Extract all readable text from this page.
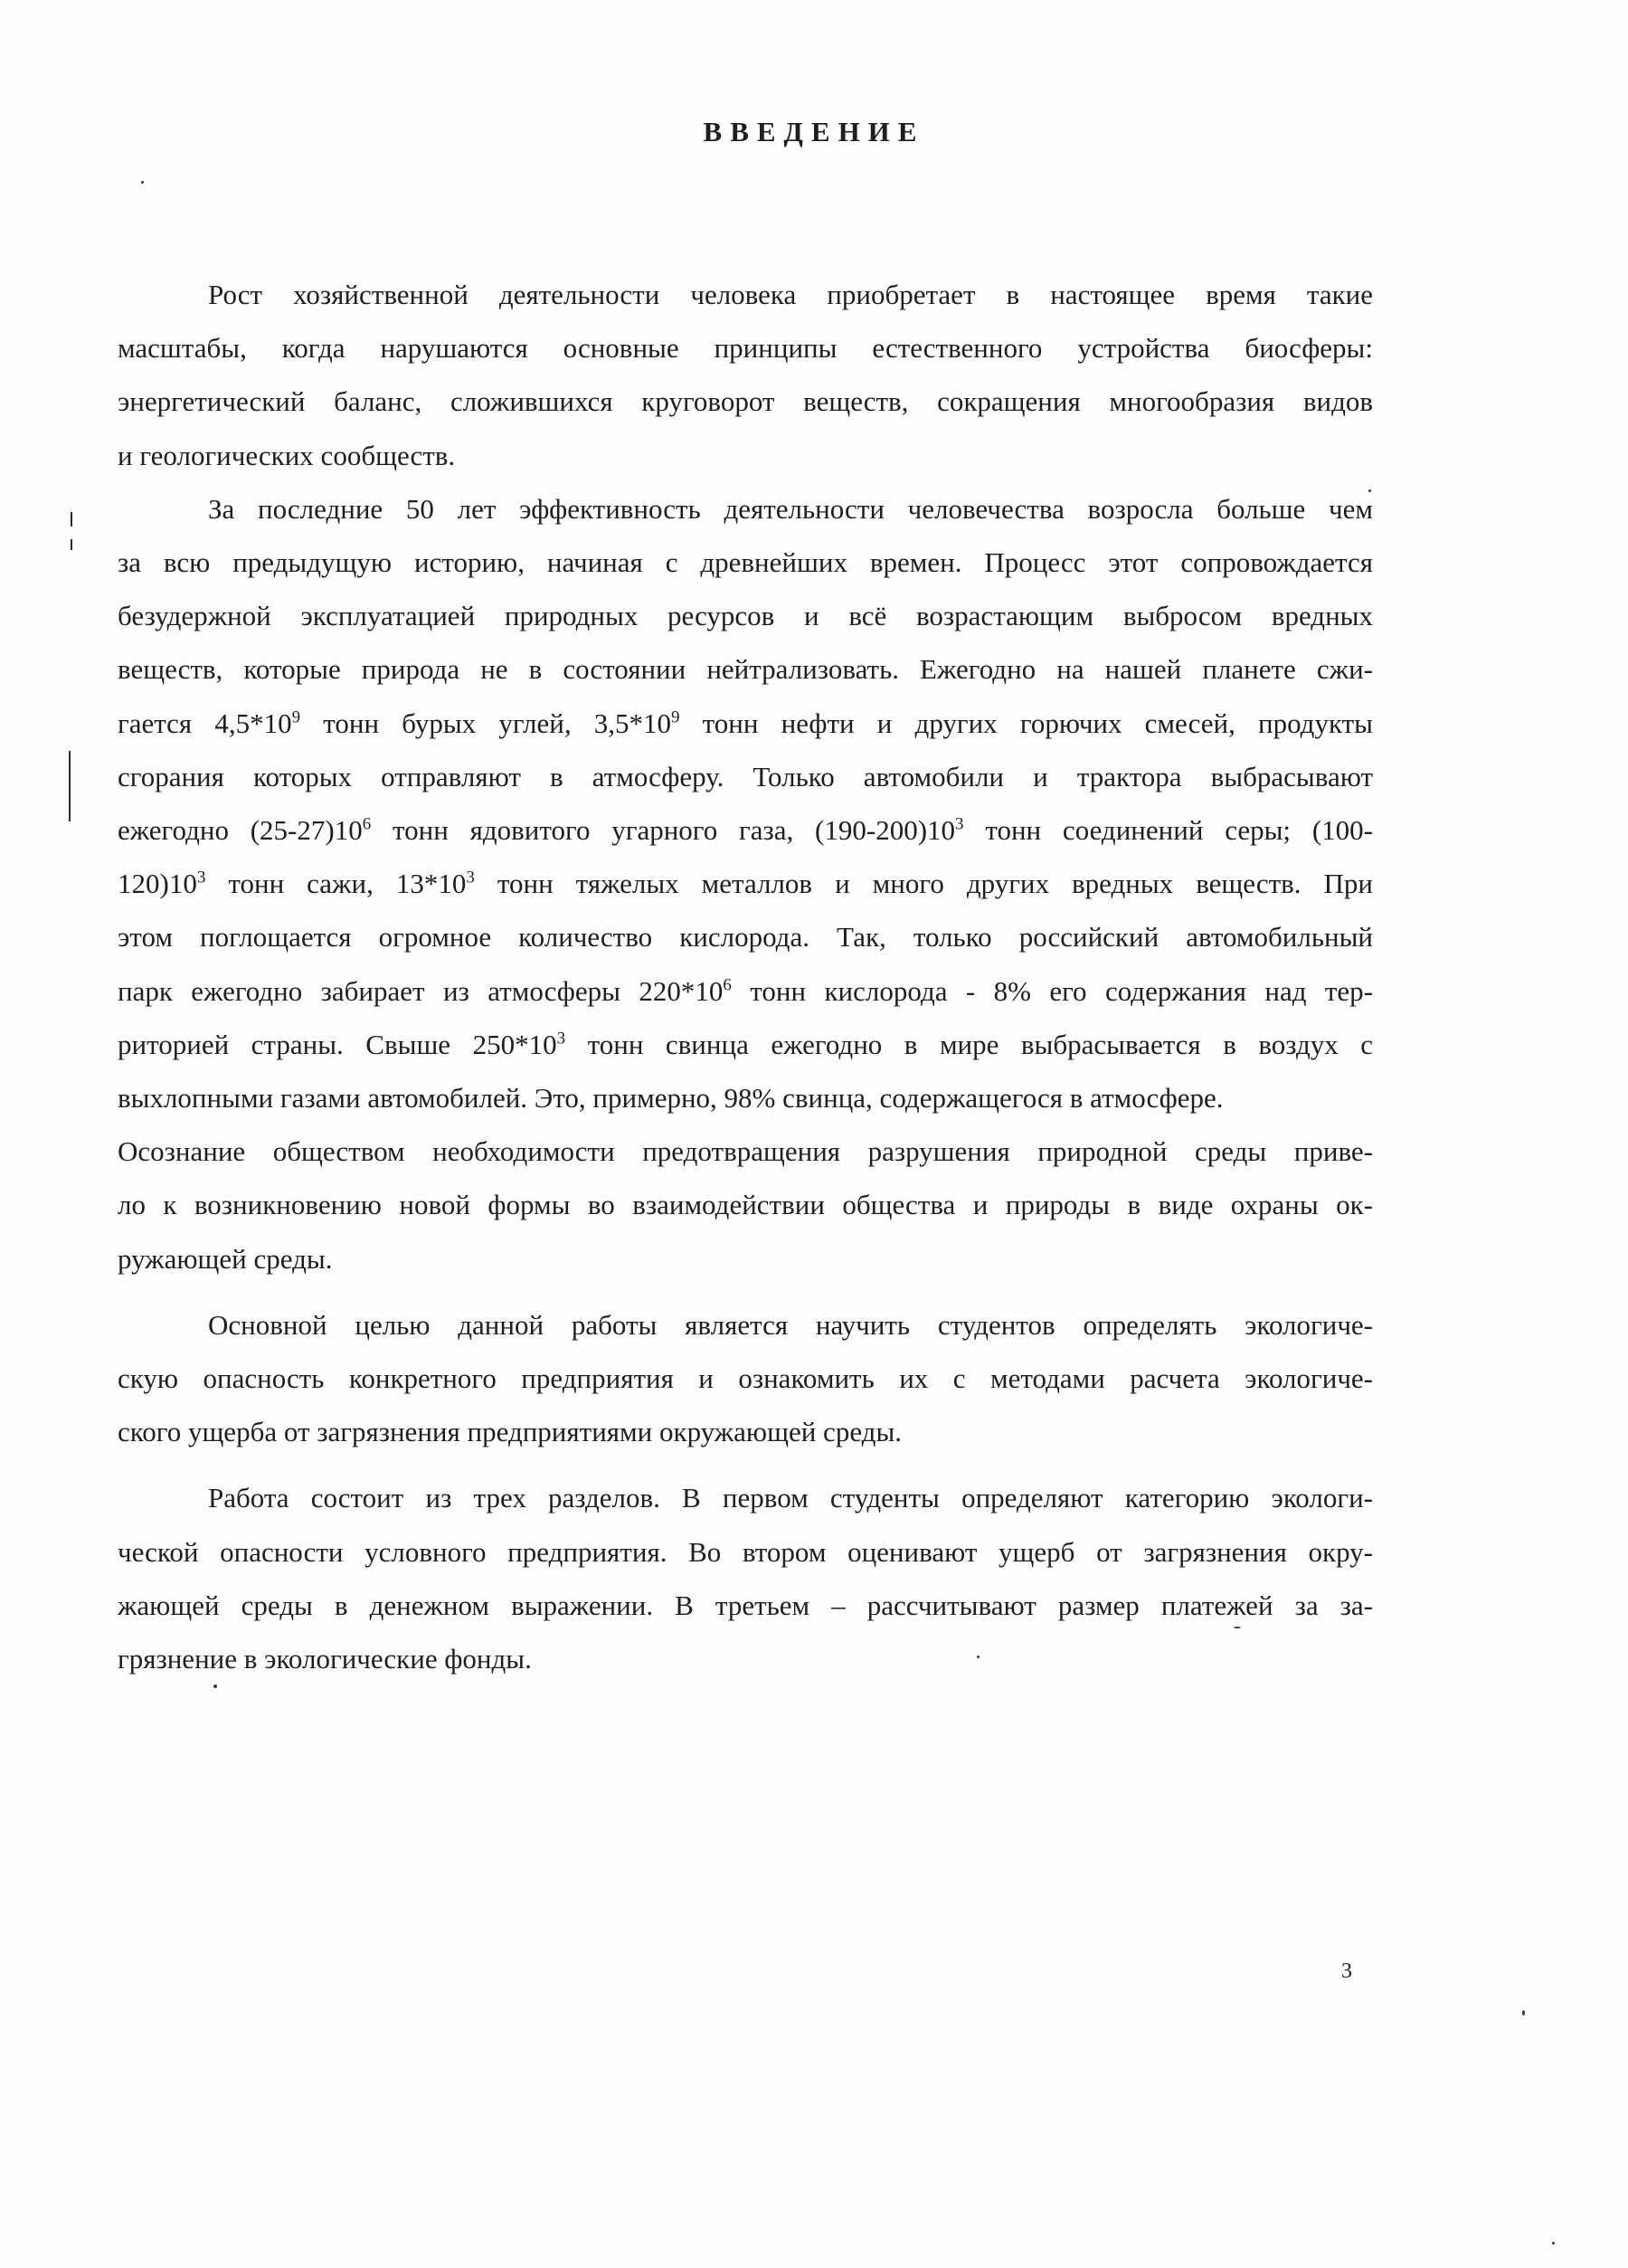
ВВЕДЕНИЕ
Рост хозяйственной деятельности человека приобретает в настоящее время такие
масштабы, когда нарушаются основные принципы естественного устройства биосферы:
энергетический баланс, сложившихся круговорот веществ, сокращения многообразия видов
и геологических сообществ.
За последние 50 лет эффективность деятельности человечества возросла больше чем
за всю предыдущую историю, начиная с древнейших времен. Процесс этот сопровождается
безудержной эксплуатацией природных ресурсов и всё возрастающим выбросом вредных
веществ, которые природа не в состоянии нейтрализовать. Ежегодно на нашей планете сжи-
гается $4,5*10^9$ тонн бурых углей, $3,5*10^9$ тонн нефти и других горючих смесей, продукты
сгорания которых отправляют в атмосферу. Только автомобили и трактора выбрасывают
ежегодно $(25-27)10^6$ тонн ядовитого угарного газа, $(190-200)10^3$ тонн соединений серы; (100-
$120)10^3$ тонн сажи, $13*10^3$ тонн тяжелых металлов и много других вредных веществ. При
этом поглощается огромное количество кислорода. Так, только российский автомобильный
парк ежегодно забирает из атмосферы $220*10^6$ тонн кислорода - 8% его содержания над тер-
риторией страны. Свыше $250*10^3$ тонн свинца ежегодно в мире выбрасывается в воздух с
выхлопными газами автомобилей. Это, примерно, 98% свинца, содержащегося в атмосфере.
Осознание обществом необходимости предотвращения разрушения природной среды приве-
ло к возникновению новой формы во взаимодействии общества и природы в виде охраны ок-
ружающей среды.
Основной целью данной работы является научить студентов определять экологиче-
скую опасность конкретного предприятия и ознакомить их с методами расчета экологиче-
ского ущерба от загрязнения предприятиями окружающей среды.
Работа состоит из трех разделов. В первом студенты определяют категорию экологи-
ческой опасности условного предприятия. Во втором оценивают ущерб от загрязнения окру-
жающей среды в денежном выражении. В третьем – рассчитывают размер платежей за за-
грязнение в экологические фонды.
3
